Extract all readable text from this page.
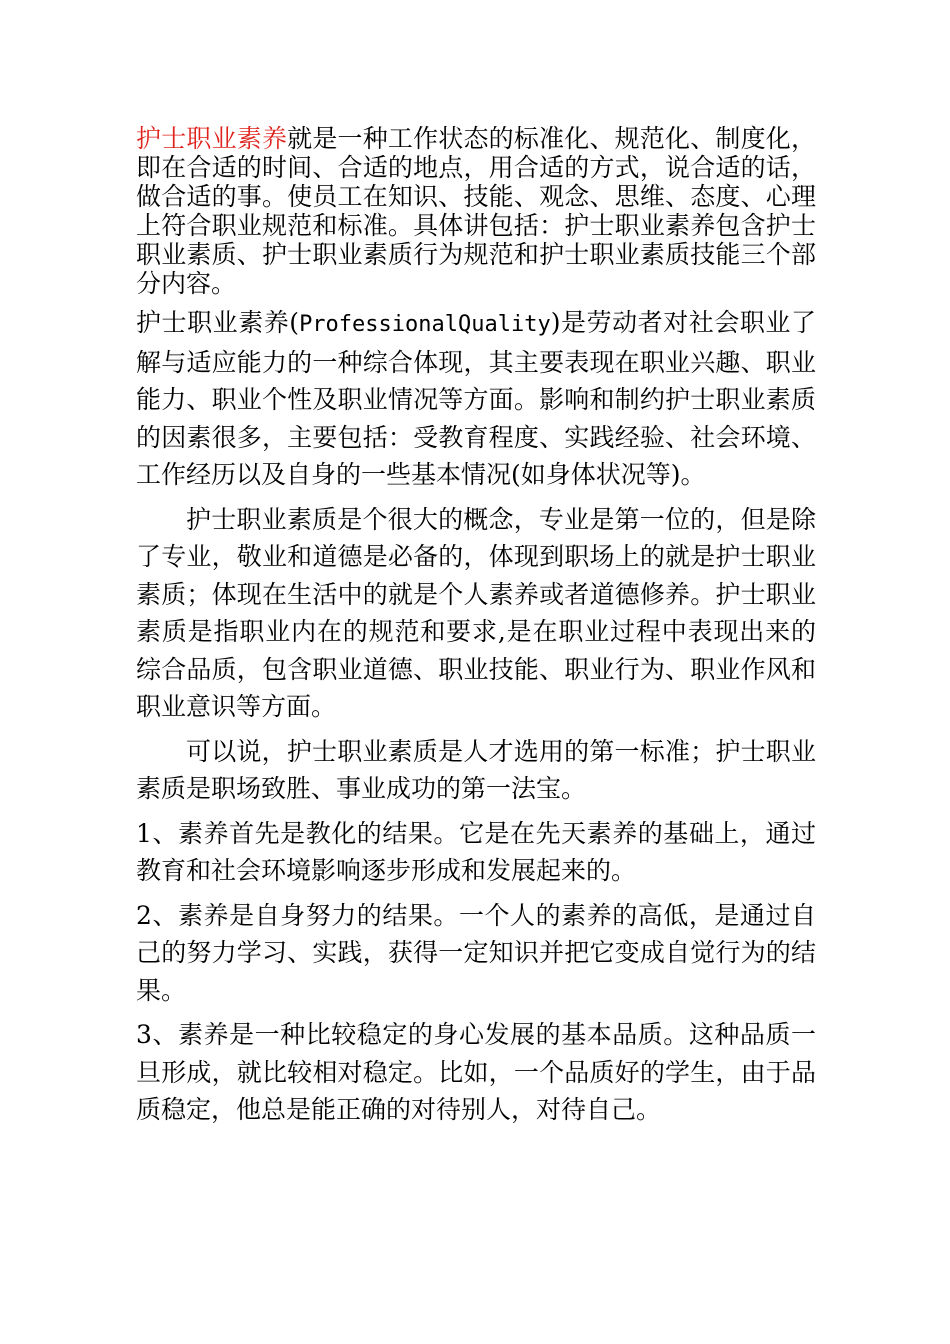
护士职业素养就是一种工作状态的标准化、规范化、制度化，即在合适的时间、合适的地点，用合适的方式，说合适的话，做合适的事。使员工在知识、技能、观念、思维、态度、心理上符合职业规范和标准。具体讲包括：护士职业素养包含护士职业素质、护士职业素质行为规范和护士职业素质技能三个部分内容。

护士职业素养(ProfessionalQuality)是劳动者对社会职业了解与适应能力的一种综合体现，其主要表现在职业兴趣、职业能力、职业个性及职业情况等方面。影响和制约护士职业素质的因素很多，主要包括：受教育程度、实践经验、社会环境、工作经历以及自身的一些基本情况(如身体状况等)。

护士职业素质是个很大的概念，专业是第一位的，但是除了专业，敬业和道德是必备的，体现到职场上的就是护士职业素质；体现在生活中的就是个人素养或者道德修养。护士职业素质是指职业内在的规范和要求,是在职业过程中表现出来的综合品质，包含职业道德、职业技能、职业行为、职业作风和职业意识等方面。

可以说，护士职业素质是人才选用的第一标准；护士职业素质是职场致胜、事业成功的第一法宝。

1、素养首先是教化的结果。它是在先天素养的基础上，通过教育和社会环境影响逐步形成和发展起来的。

2、素养是自身努力的结果。一个人的素养的高低，是通过自己的努力学习、实践，获得一定知识并把它变成自觉行为的结果。

3、素养是一种比较稳定的身心发展的基本品质。这种品质一旦形成，就比较相对稳定。比如，一个品质好的学生，由于品质稳定，他总是能正确的对待别人，对待自己。
